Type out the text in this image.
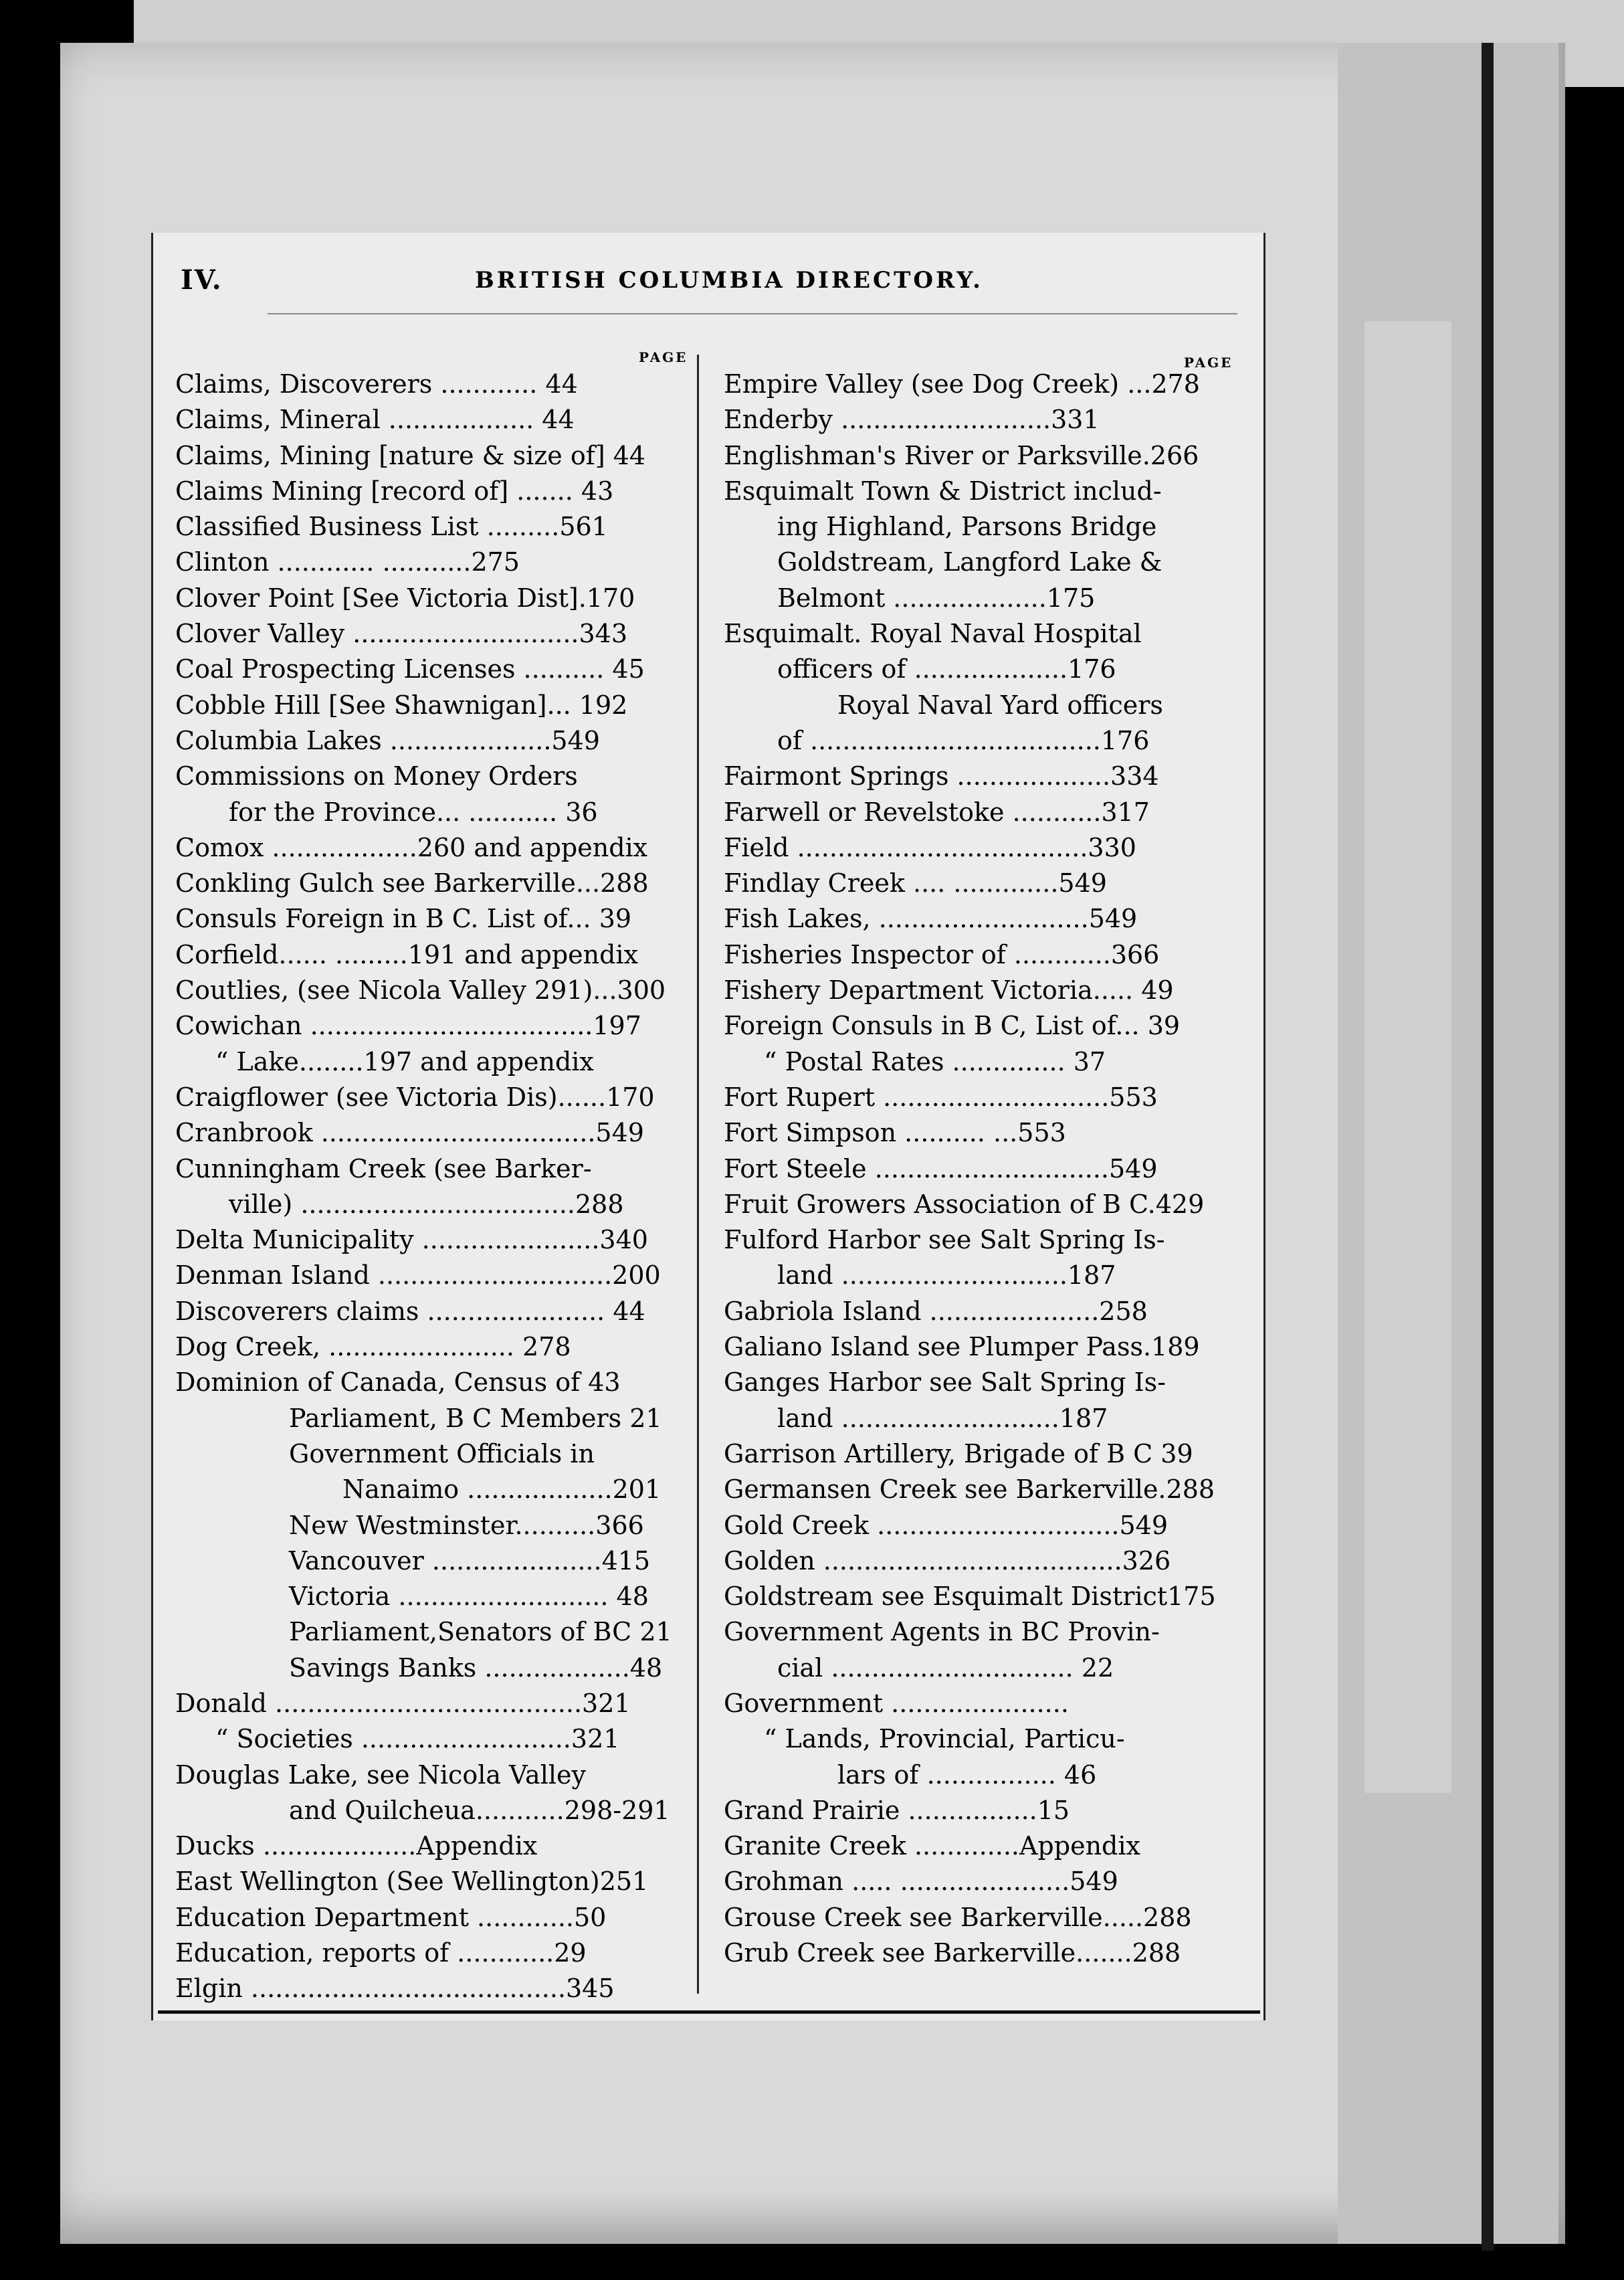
IV.	BRITISH COLUMBIA DIRECTORY.
PAGE	PAGE
Claims, Discoverers ............ 44
Claims, Mineral .................. 44
Claims, Mining [nature & size of] 44
Claims Mining [record of] ....... 43
Classified Business List .........561
Clinton ............ ...........275
Clover Point [See Victoria Dist].170
Clover Valley ............................343
Coal Prospecting Licenses .......... 45
Cobble Hill [See Shawnigan]... 192
Columbia Lakes ....................549
Commissions on Money Orders
for the Province... ........... 36
Comox ..................260 and appendix
Conkling Gulch see Barkerville...288
Consuls Foreign in B C. List of... 39
Corfield...... .........191 and appendix
Coutlies, (see Nicola Valley 291)...300
Cowichan ...................................197
“ Lake........197 and appendix
Craigflower (see Victoria Dis)......170
Cranbrook ..................................549
Cunningham Creek (see Barker-
ville) ..................................288
Delta Municipality ......................340
Denman Island .............................200
Discoverers claims ...................... 44
Dog Creek, ....................... 278
Dominion of Canada, Census of 43
Parliament, B C Members 21
Government Officials in
Nanaimo ..................201
New Westminster..........366
Vancouver .....................415
Victoria .......................... 48
Parliament,Senators of BC 21
Savings Banks ..................48
Donald ......................................321
“ Societies ..........................321
Douglas Lake, see Nicola Valley
and Quilcheua...........298-291
Ducks ...................Appendix
East Wellington (See Wellington)251
Education Department ............50
Education, reports of ............29
Elgin .......................................345
Empire Valley (see Dog Creek) ...278
Enderby ..........................331
Englishman's River or Parksville.266
Esquimalt Town & District includ-
ing Highland, Parsons Bridge
Goldstream, Langford Lake &
Belmont ...................175
Esquimalt. Royal Naval Hospital
officers of ...................176
Royal Naval Yard officers
of ....................................176
Fairmont Springs ...................334
Farwell or Revelstoke ...........317
Field ....................................330
Findlay Creek .... .............549
Fish Lakes, ..........................549
Fisheries Inspector of ............366
Fishery Department Victoria..... 49
Foreign Consuls in B C, List of... 39
“ Postal Rates .............. 37
Fort Rupert ............................553
Fort Simpson .......... ...553
Fort Steele .............................549
Fruit Growers Association of B C.429
Fulford Harbor see Salt Spring Is-
land ............................187
Gabriola Island .....................258
Galiano Island see Plumper Pass.189
Ganges Harbor see Salt Spring Is-
land ...........................187
Garrison Artillery, Brigade of B C 39
Germansen Creek see Barkerville.288
Gold Creek ..............................549
Golden .....................................326
Goldstream see Esquimalt District175
Government Agents in BC Provin-
cial .............................. 22
Government ......................
“ Lands, Provincial, Particu-
lars of ................ 46
Grand Prairie ................15
Granite Creek .............Appendix
Grohman ..... .....................549
Grouse Creek see Barkerville.....288
Grub Creek see Barkerville.......288
